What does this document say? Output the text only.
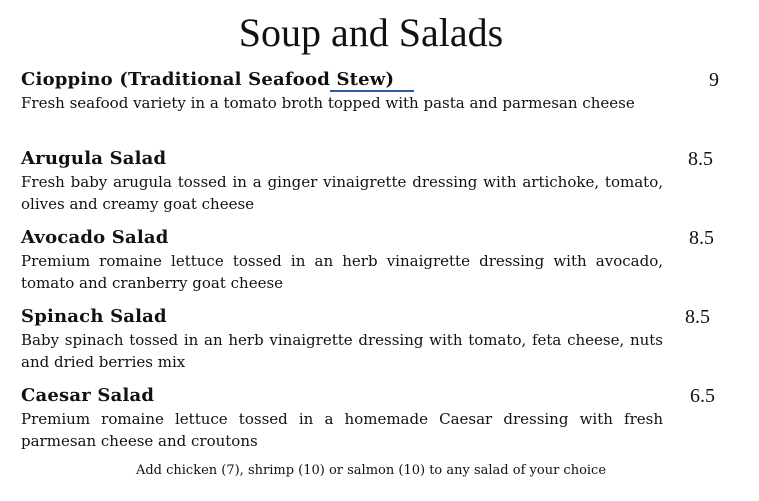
Soup and Salads
Cioppino (Traditional Seafood Stew)	9

Fresh seafood variety in a tomato broth topped with pasta and parmesan cheese

Arugula Salad	8.5

Fresh baby arugula tossed in a ginger vinaigrette dressing with artichoke, tomato, olives and creamy goat cheese

Avocado Salad	8.5

Premium romaine lettuce tossed in an herb vinaigrette dressing with avocado, tomato and cranberry goat cheese

Spinach Salad	8.5

Baby spinach tossed in an herb vinaigrette dressing with tomato, feta cheese, nuts and dried berries mix

Caesar Salad	6.5

Premium romaine lettuce tossed in a homemade Caesar dressing with fresh parmesan cheese and croutons

Add chicken (7), shrimp (10) or salmon (10) to any salad of your choice
